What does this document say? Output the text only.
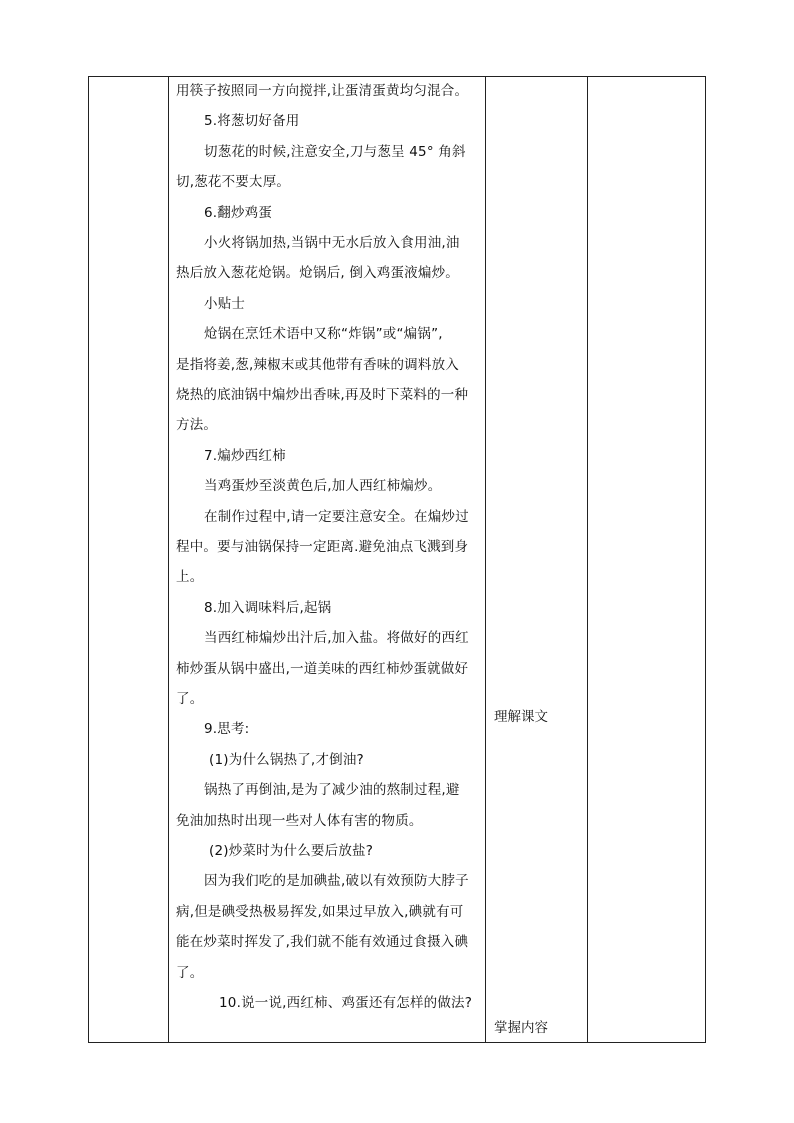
用筷子按照同一方向搅拌,让蛋清蛋黄均匀混合。
5.将葱切好备用
切葱花的时候,注意安全,刀与葱呈 45° 角斜
切,葱花不要太厚。
6.翻炒鸡蛋
小火将锅加热,当锅中无水后放入食用油,油
热后放入葱花炝锅。炝锅后, 倒入鸡蛋液煸炒。
小贴士
炝锅在烹饪术语中又称“炸锅”或“煸锅”,
是指将姜,葱,辣椒末或其他带有香味的调料放入
烧热的底油锅中煸炒出香味,再及时下菜料的一种
方法。
7.煸炒西红柿
当鸡蛋炒至淡黄色后,加人西红柿煸炒。
在制作过程中,请一定要注意安全。在煸炒过
程中。要与油锅保持一定距离.避免油点飞溅到身
上。
8.加入调味料后,起锅
当西红柿煸炒出汁后,加入盐。将做好的西红
柿炒蛋从锅中盛出,一道美味的西红柿炒蛋就做好
了。
9.思考:
(1)为什么锅热了,才倒油?
锅热了再倒油,是为了减少油的熬制过程,避
免油加热时出现一些对人体有害的物质。
(2)炒菜时为什么要后放盐?
因为我们吃的是加碘盐,破以有效预防大脖子
病,但是碘受热极易挥发,如果过早放入,碘就有可
能在炒菜时挥发了,我们就不能有效通过食摄入碘
了。
10.说一说,西红柿、鸡蛋还有怎样的做法?
理解课文
掌握内容
